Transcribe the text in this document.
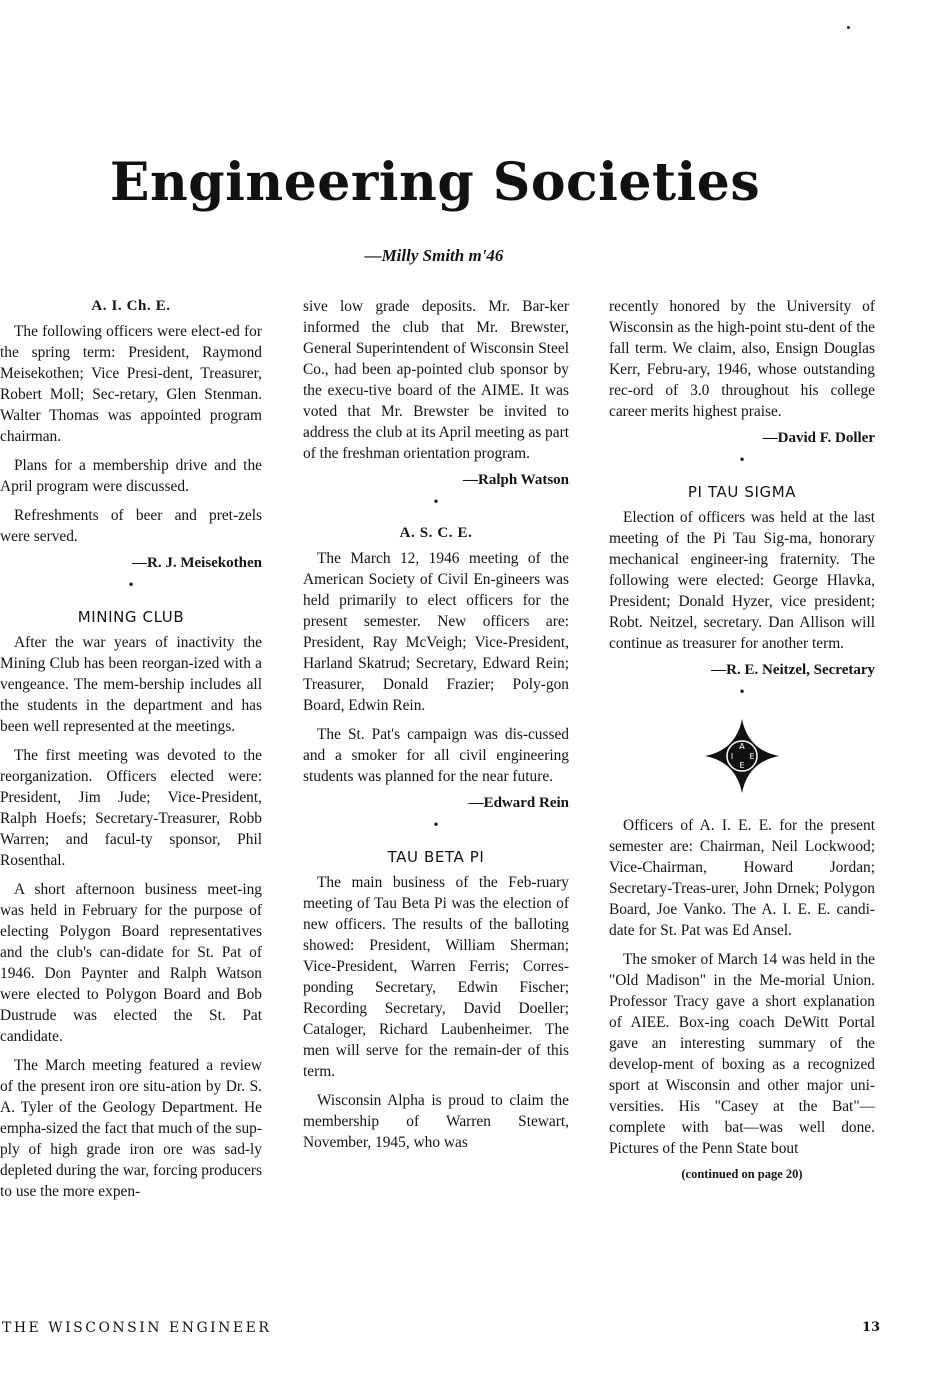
Engineering Societies
—Milly Smith m'46
A. I. Ch. E.

The following officers were elect-ed for the spring term: President, Raymond Meisekothen; Vice Presi-dent, Treasurer, Robert Moll; Sec-retary, Glen Stenman. Walter Thomas was appointed program chairman.

Plans for a membership drive and the April program were discussed.

Refreshments of beer and pret-zels were served.

—R. J. Meisekothen
•
MINING CLUB

After the war years of inactivity the Mining Club has been reorgan-ized with a vengeance. The mem-bership includes all the students in the department and has been well represented at the meetings.

The first meeting was devoted to the reorganization. Officers elected were: President, Jim Jude; Vice-President, Ralph Hoefs; Secretary-Treasurer, Robb Warren; and facul-ty sponsor, Phil Rosenthal.

A short afternoon business meet-ing was held in February for the purpose of electing Polygon Board representatives and the club's can-didate for St. Pat of 1946. Don Paynter and Ralph Watson were elected to Polygon Board and Bob Dustrude was elected the St. Pat candidate.

The March meeting featured a review of the present iron ore situ-ation by Dr. S. A. Tyler of the Geology Department. He empha-sized the fact that much of the sup-ply of high grade iron ore was sad-ly depleted during the war, forcing producers to use the more expen-

sive low grade deposits. Mr. Bar-ker informed the club that Mr. Brewster, General Superintendent of Wisconsin Steel Co., had been ap-pointed club sponsor by the execu-tive board of the AIME. It was voted that Mr. Brewster be invited to address the club at its April meeting as part of the freshman orientation program.

—Ralph Watson
•
A. S. C. E.

The March 12, 1946 meeting of the American Society of Civil En-gineers was held primarily to elect officers for the present semester. New officers are: President, Ray McVeigh; Vice-President, Harland Skatrud; Secretary, Edward Rein; Treasurer, Donald Frazier; Poly-gon Board, Edwin Rein.

The St. Pat's campaign was dis-cussed and a smoker for all civil engineering students was planned for the near future.

—Edward Rein
•
TAU BETA PI

The main business of the Feb-ruary meeting of Tau Beta Pi was the election of new officers. The results of the balloting showed: President, William Sherman; Vice-President, Warren Ferris; Corres-ponding Secretary, Edwin Fischer; Recording Secretary, David Doeller; Cataloger, Richard Laubenheimer. The men will serve for the remain-der of this term.

Wisconsin Alpha is proud to claim the membership of Warren Stewart, November, 1945, who was

recently honored by the University of Wisconsin as the high-point stu-dent of the fall term. We claim, also, Ensign Douglas Kerr, Febru-ary, 1946, whose outstanding rec-ord of 3.0 throughout his college career merits highest praise.

—David F. Doller
•
PI TAU SIGMA

Election of officers was held at the last meeting of the Pi Tau Sig-ma, honorary mechanical engineer-ing fraternity. The following were elected: George Hlavka, President; Donald Hyzer, vice president; Robt. Neitzel, secretary. Dan Allison will continue as treasurer for another term.

—R. E. Neitzel, Secretary
•
A
I E
E

Officers of A. I. E. E. for the present semester are: Chairman, Neil Lockwood; Vice-Chairman, Howard Jordan; Secretary-Treas-urer, John Drnek; Polygon Board, Joe Vanko. The A. I. E. E. candi-date for St. Pat was Ed Ansel.

The smoker of March 14 was held in the "Old Madison" in the Me-morial Union. Professor Tracy gave a short explanation of AIEE. Box-ing coach DeWitt Portal gave an interesting summary of the develop-ment of boxing as a recognized sport at Wisconsin and other major uni-versities. His "Casey at the Bat"— complete with bat—was well done. Pictures of the Penn State bout

(continued on page 20)
THE WISCONSIN ENGINEER	13
